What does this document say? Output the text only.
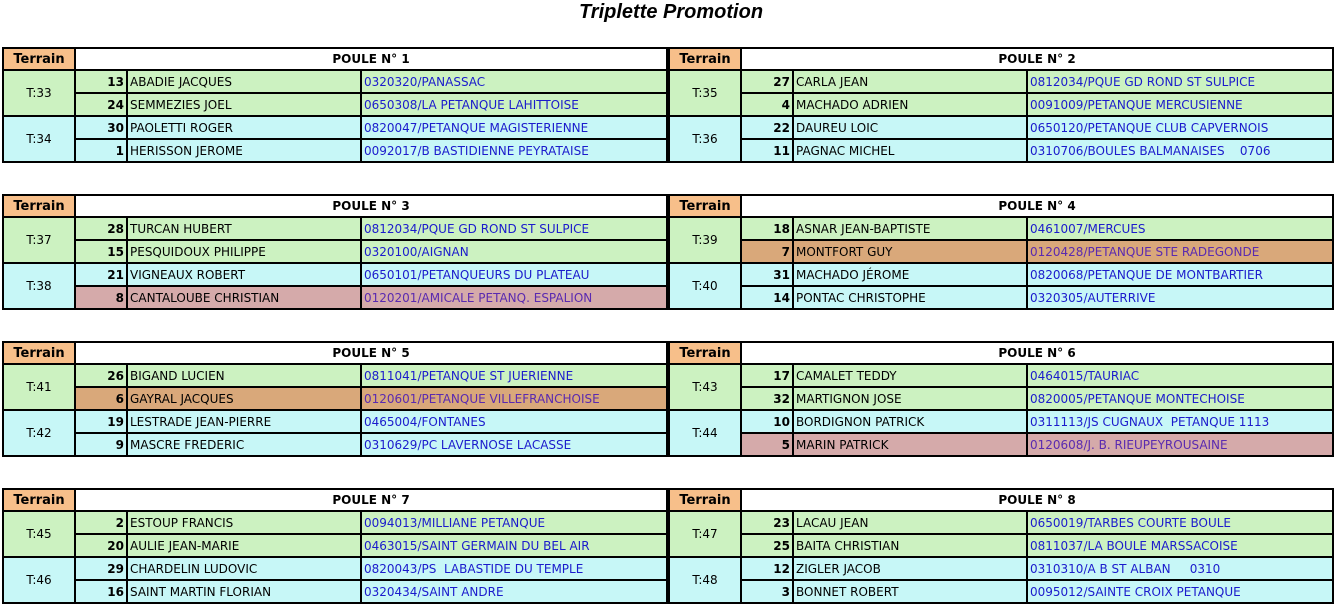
Triplette Promotion
Terrain	POULE N° 1		
T:33	13	ABADIE JACQUES	0320320/PANASSAC
	24	SEMMEZIES JOEL	0650308/LA PETANQUE LAHITTOISE
T:34	30	PAOLETTI ROGER	0820047/PETANQUE MAGISTERIENNE
	1	HERISSON JEROME	0092017/B BASTIDIENNE PEYRATAISE
Terrain	POULE N° 2		
T:35	27	CARLA JEAN	0812034/PQUE GD ROND ST SULPICE
	4	MACHADO ADRIEN	0091009/PETANQUE MERCUSIENNE
T:36	22	DAUREU LOIC	0650120/PETANQUE CLUB CAPVERNOIS
	11	PAGNAC MICHEL	0310706/BOULES BALMANAISES    0706
Terrain	POULE N° 3		
T:37	28	TURCAN HUBERT	0812034/PQUE GD ROND ST SULPICE
	15	PESQUIDOUX PHILIPPE	0320100/AIGNAN
T:38	21	VIGNEAUX ROBERT	0650101/PETANQUEURS DU PLATEAU
	8	CANTALOUBE CHRISTIAN	0120201/AMICALE PETANQ. ESPALION
Terrain	POULE N° 4		
T:39	18	ASNAR JEAN-BAPTISTE	0461007/MERCUES
	7	MONTFORT GUY	0120428/PETANQUE STE RADEGONDE
T:40	31	MACHADO JÉROME	0820068/PETANQUE DE MONTBARTIER
	14	PONTAC CHRISTOPHE	0320305/AUTERRIVE
Terrain	POULE N° 5		
T:41	26	BIGAND LUCIEN	0811041/PETANQUE ST JUERIENNE
	6	GAYRAL JACQUES	0120601/PETANQUE VILLEFRANCHOISE
T:42	19	LESTRADE JEAN-PIERRE	0465004/FONTANES
	9	MASCRE FREDERIC	0310629/PC LAVERNOSE LACASSE
Terrain	POULE N° 6		
T:43	17	CAMALET TEDDY	0464015/TAURIAC
	32	MARTIGNON JOSE	0820005/PETANQUE MONTECHOISE
T:44	10	BORDIGNON PATRICK	0311113/JS CUGNAUX  PETANQUE 1113
	5	MARIN PATRICK	0120608/J. B. RIEUPEYROUSAINE
Terrain	POULE N° 7		
T:45	2	ESTOUP FRANCIS	0094013/MILLIANE PETANQUE
	20	AULIE JEAN-MARIE	0463015/SAINT GERMAIN DU BEL AIR
T:46	29	CHARDELIN LUDOVIC	0820043/PS  LABASTIDE DU TEMPLE
	16	SAINT MARTIN FLORIAN	0320434/SAINT ANDRE
Terrain	POULE N° 8		
T:47	23	LACAU JEAN	0650019/TARBES COURTE BOULE
	25	BAITA CHRISTIAN	0811037/LA BOULE MARSSACOISE
T:48	12	ZIGLER JACOB	0310310/A B ST ALBAN     0310
	3	BONNET ROBERT	0095012/SAINTE CROIX PETANQUE
